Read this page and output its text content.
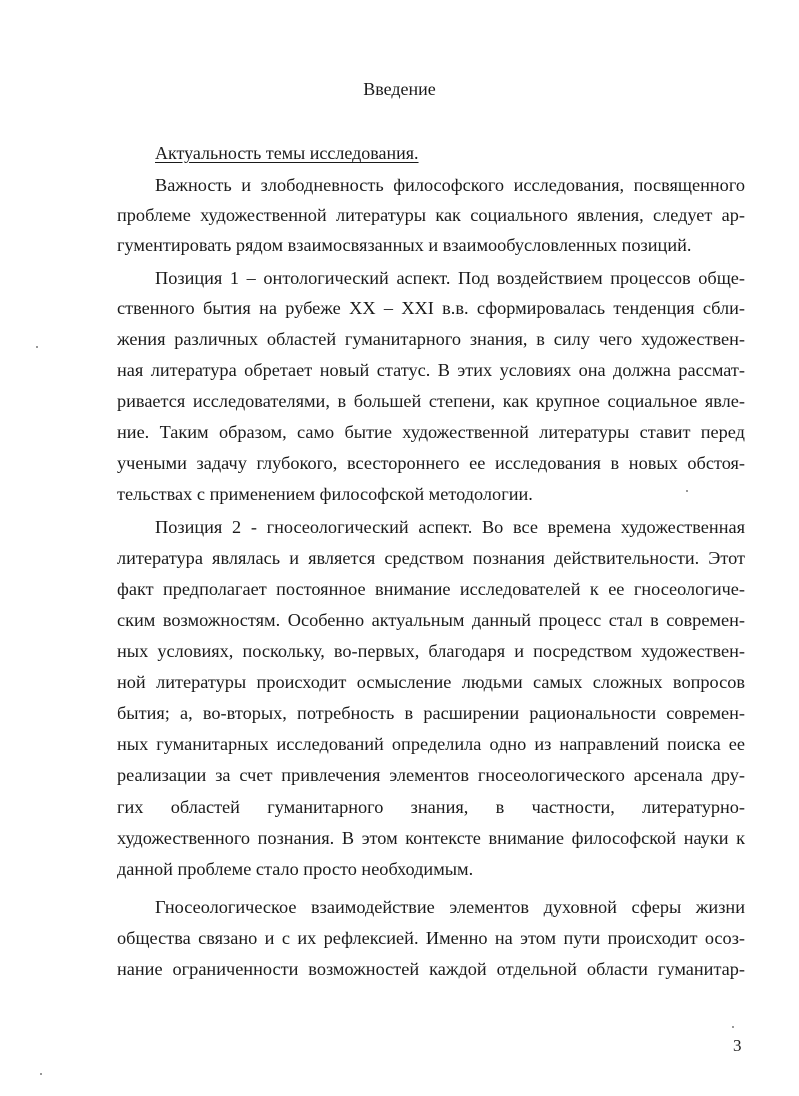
Введение

Актуальность темы исследования.

Важность и злободневность философского исследования, посвященного

проблеме художественной литературы как социального явления, следует ар-

гументировать рядом взаимосвязанных и взаимообусловленных позиций.

Позиция 1 – онтологический аспект. Под воздействием процессов обще-

ственного бытия на рубеже XX – XXI в.в. сформировалась тенденция сбли-

жения различных областей гуманитарного знания, в силу чего художествен-

ная литература обретает новый статус. В этих условиях она должна рассмат-

ривается исследователями, в большей степени, как крупное социальное явле-

ние. Таким образом, само бытие художественной литературы ставит перед

учеными задачу глубокого, всестороннего ее исследования в новых обстоя-

тельствах с применением философской методологии.

Позиция 2 - гносеологический аспект. Во все времена художественная

литература являлась и является средством познания действительности. Этот

факт предполагает постоянное внимание исследователей к ее гносеологиче-

ским возможностям. Особенно актуальным данный процесс стал в современ-

ных условиях, поскольку, во-первых, благодаря и посредством художествен-

ной литературы происходит осмысление людьми самых сложных вопросов

бытия; а, во-вторых, потребность в расширении рациональности современ-

ных гуманитарных исследований определила одно из направлений поиска ее

реализации за счет привлечения элементов гносеологического арсенала дру-

гих областей гуманитарного знания, в частности, литературно-

художественного познания. В этом контексте внимание философской науки к

данной проблеме стало просто необходимым.

Гносеологическое взаимодействие элементов духовной сферы жизни

общества связано и с их рефлексией. Именно на этом пути происходит осоз-

нание ограниченности возможностей каждой отдельной области гуманитар-

3
